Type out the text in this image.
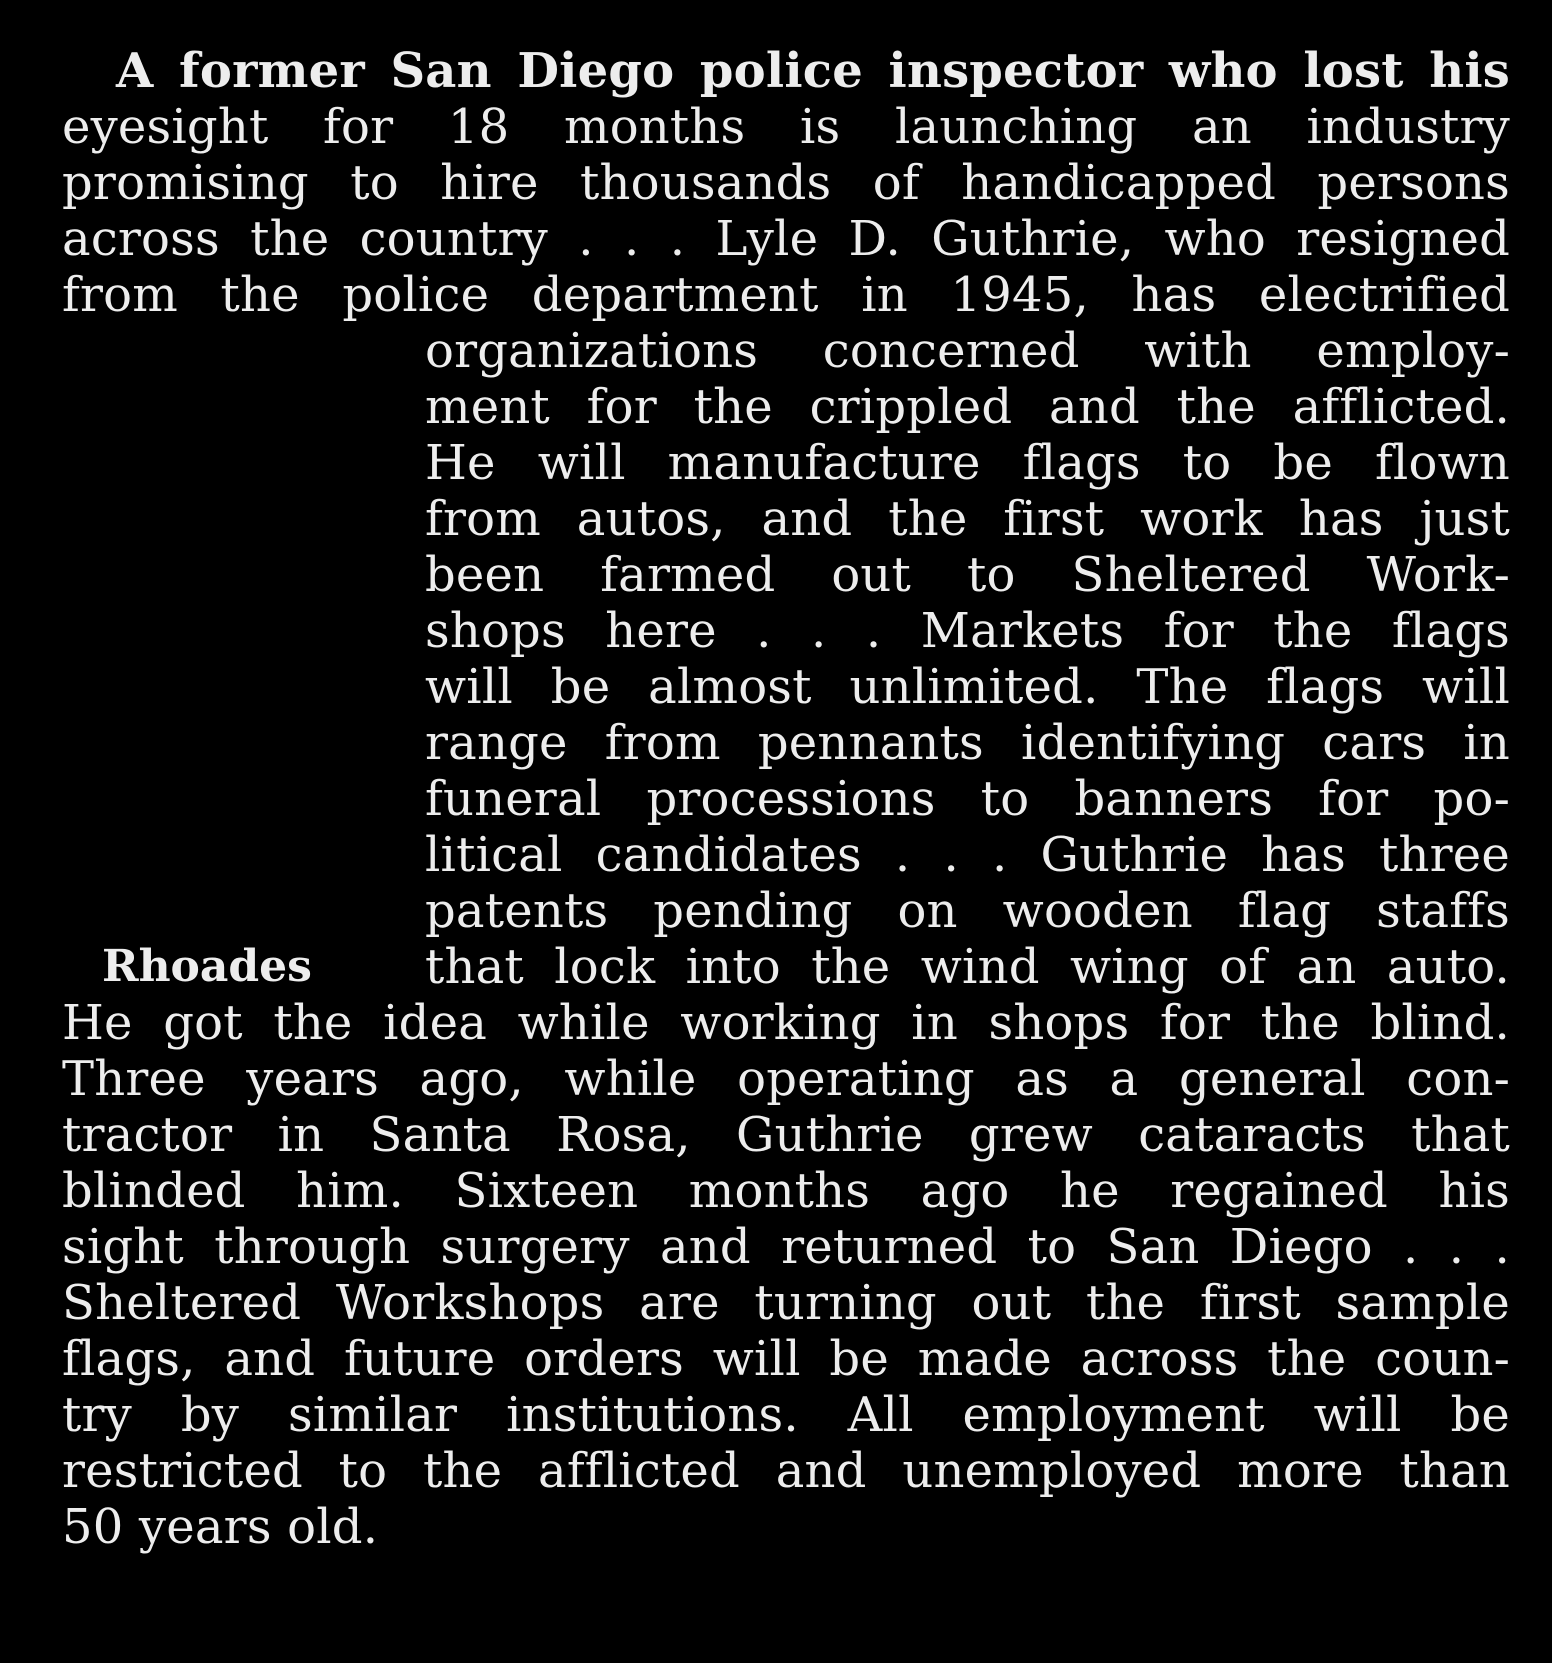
A former San Diego police inspector who lost his
eyesight for 18 months is launching an industry
promising to hire thousands of handicapped persons
across the country . . . Lyle D. Guthrie, who resigned
from the police department in 1945, has electrified
organizations concerned with employ-
ment for the crippled and the afflicted.
He will manufacture flags to be flown
from autos, and the first work has just
been farmed out to Sheltered Work-
shops here . . . Markets for the flags
will be almost unlimited. The flags will
range from pennants identifying cars in
funeral processions to banners for po-
litical candidates . . . Guthrie has three
patents pending on wooden flag staffs
that lock into the wind wing of an auto.
Rhoades
He got the idea while working in shops for the blind.
Three years ago, while operating as a general con-
tractor in Santa Rosa, Guthrie grew cataracts that
blinded him. Sixteen months ago he regained his
sight through surgery and returned to San Diego . . .
Sheltered Workshops are turning out the first sample
flags, and future orders will be made across the coun-
try by similar institutions. All employment will be
restricted to the afflicted and unemployed more than
50 years old.
